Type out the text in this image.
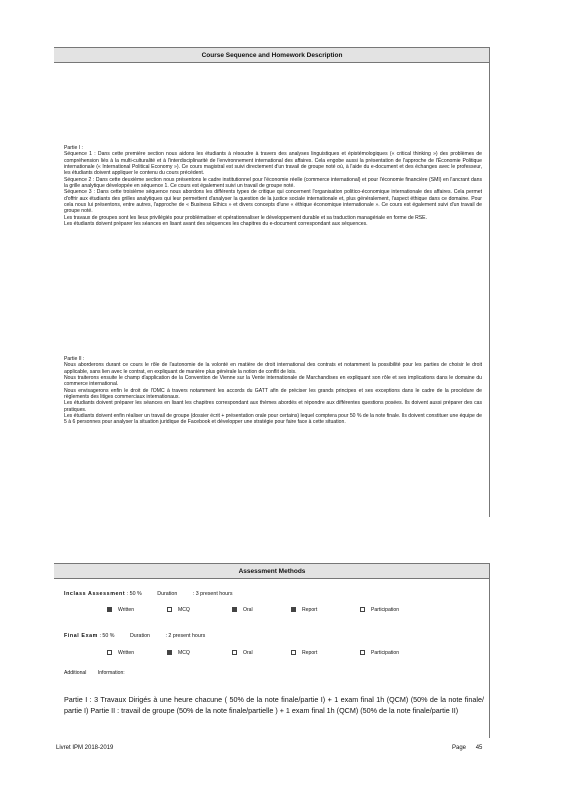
Course Sequence and Homework Description

Partie I :

Séquence 1 : Dans cette première section nous aidons les étudiants à résoudre à travers des analyses linguistiques et épistémologiques (« critical thinking ») des problèmes de compréhension liés à la multi-culturalité et à l'interdisciplinarité de l'environnement international des affaires. Cela engobe aussi la présentation de l'approche de l'Économie Politique internationale (« International Political Economy »). Ce cours magistral est suivi directement d'un travail de groupe noté où, à l'aide du e-document et des échanges avec le professeur, les étudiants doivent appliquer le contenu du cours précédent.

Séquence 2 : Dans cette deuxième section nous présentons le cadre institutionnel pour l'économie réelle (commerce international) et pour l'économie financière (SMI) en l'ancrant dans la grille analytique développée en séquence 1. Ce cours est également suivi un travail de groupe noté.

Séquence 3 : Dans cette troisième séquence nous abordons les différents types de critique qui concernent l'organisation politico-économique internationale des affaires. Cela permet d'offrir aux étudiants des grilles analytiques qui leur permettent d'analyser la question de la justice sociale internationale et, plus généralement, l'aspect éthique dans ce domaine. Pour cela nous lui présentons, entre autres, l'approche de « Business Ethics » et divers concepts d'une « éthique économique internationale ». Ce cours est également suivi d'un travail de groupe noté.

Les travaux de groupes sont les lieux privilégiés pour problématiser et opérationnaliser le développement durable et sa traduction managériale en forme de RSE.

Les étudiants doivent préparer les séances en lisant avant des séquences les chapitres du e-document correspondant aux séquences.

Partie II :

Nous aborderons durant ce cours le rôle de l'autonomie de la volonté en matière de droit international des contrats et notamment la possibilité pour les parties de choisir le droit applicable, sans lien avec le contrat, en expliquant de manière plus générale la notion de conflit de lois.

Nous traiterons ensuite le champ d'application de la Convention de Vienne sur la Vente internationale de Marchandises en expliquant son rôle et ses implications dans le domaine du commerce international.

Nous envisagerons enfin le droit de l'OMC à travers notamment les accords du GATT afin de préciser les grands principes et ses exceptions dans le cadre de la procédure de règlements des litiges commerciaux internationaux.

Les étudiants doivent préparer les séances en lisant les chapitres correspondant aux thèmes abordés et répondre aux différentes questions posées. Ils doivent aussi préparer des cas pratiques.

Les étudiants doivent enfin réaliser un travail de groupe (dossier écrit + présentation orale pour certains) lequel comptera pour 50 % de la note finale. Ils doivent constituer une équipe de 5 à 6 personnes pour analyser la situation juridique de Facebook et développer une stratégie pour faire face à cette situation.

Assessment Methods
Inclass Assessment : 50 %	Duration	: 3 present hours
Written	MCQ	Oral	Report	Participation
Final Exam : 50 %	Duration	: 2 present hours
Written	MCQ	Oral	Report	Participation
Additional Information:
Partie I : 3 Travaux Dirigés à une heure chacune ( 50% de la note finale/partie I) + 1 exam final 1h (QCM) (50% de la note finale/ partie I) Partie II : travail de groupe (50% de la note finale/partielle ) + 1 exam final 1h (QCM) (50% de la note finale/partie II)
Livret IPM 2018-2019	Page 45
